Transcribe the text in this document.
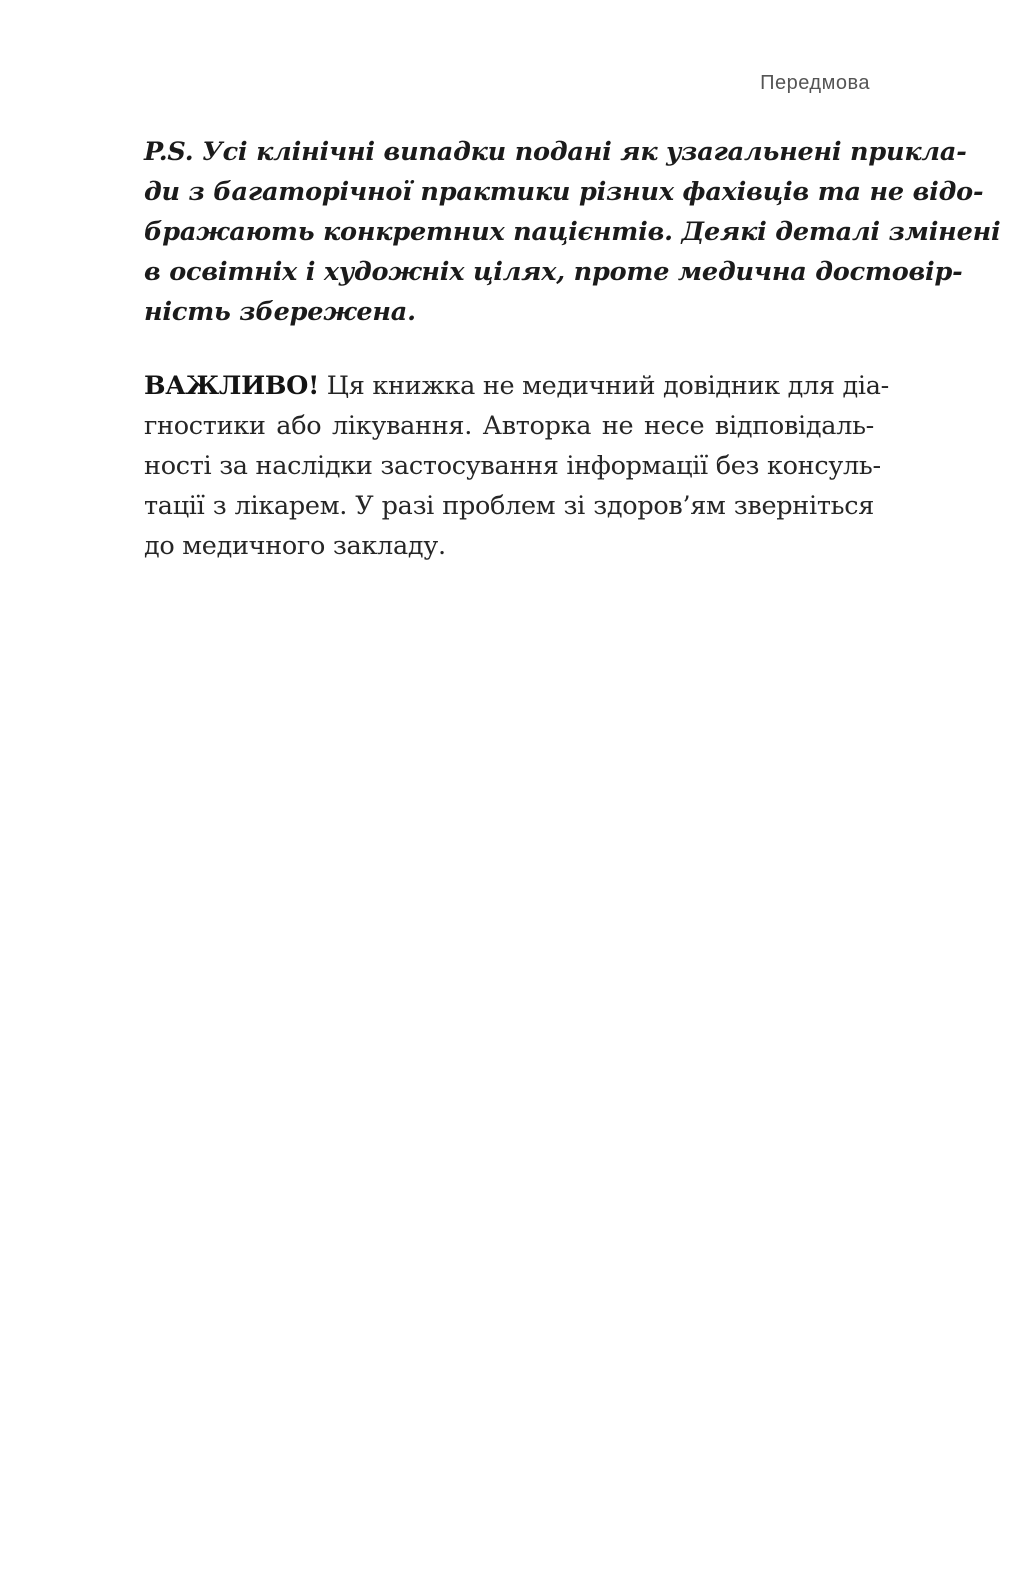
Передмова
P.S. Усі клінічні випадки подані як узагальнені прикла-
ди з багаторічної практики різних фахівців та не відо-
бражають конкретних пацієнтів. Деякі деталі змінені
в освітніх і художніх цілях, проте медична достовір-
ність збережена.
ВАЖЛИВО! Ця книжка не медичний довідник для діа-
гностики або лікування. Авторка не несе відповідаль-
ності за наслідки застосування інформації без консуль-
тації з лікарем. У разі проблем зі здоров’ям зверніться
до медичного закладу.
